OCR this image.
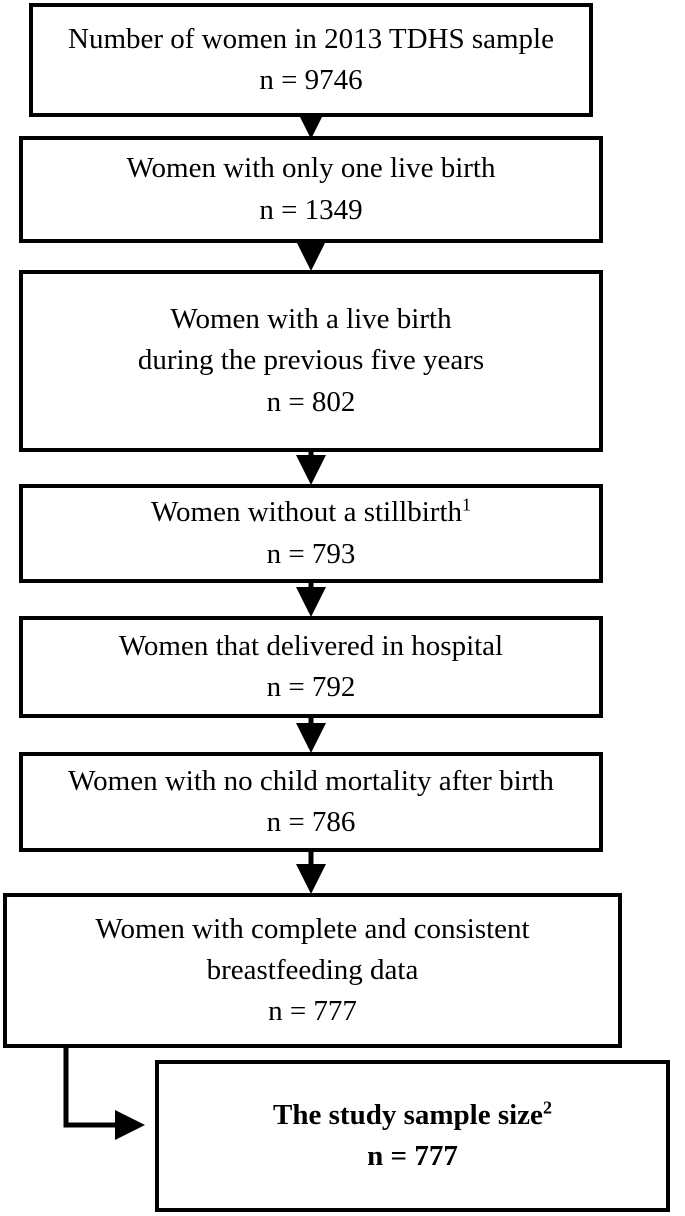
Number of women in 2013 TDHS sample
n = 9746
Women with only one live birth
n = 1349
Women with a live birth
during the previous five years
n = 802
Women without a stillbirth$^1$
n = 793
Women that delivered in hospital
n = 792
Women with no child mortality after birth
n = 786
Women with complete and consistent
breastfeeding data
n = 777
The study sample size$^2$
n = 777
